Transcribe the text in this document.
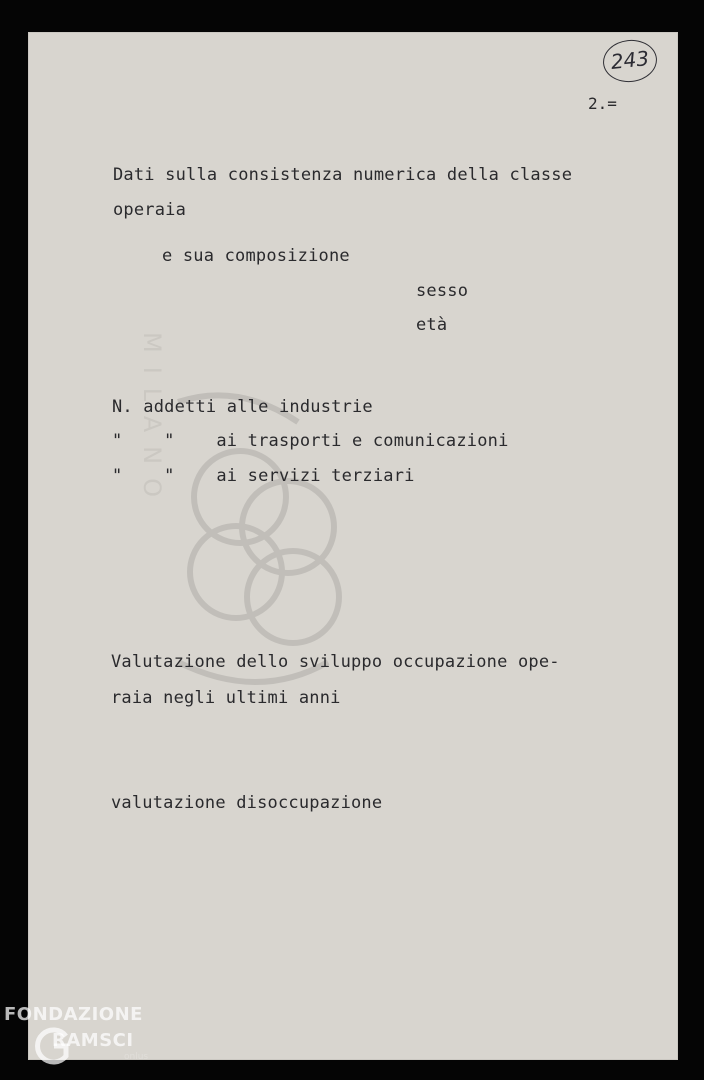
MILANO
243
2.=
Dati sulla consistenza numerica della classe
operaia
e sua composizione
sesso
età
N. addetti alle industrie
"    "    ai trasporti e comunicazioni
"    "    ai servizi terziari
Valutazione dello sviluppo occupazione ope-
raia negli ultimi anni
valutazione disoccupazione
FONDAZIONE
RAMSCI
onlus
